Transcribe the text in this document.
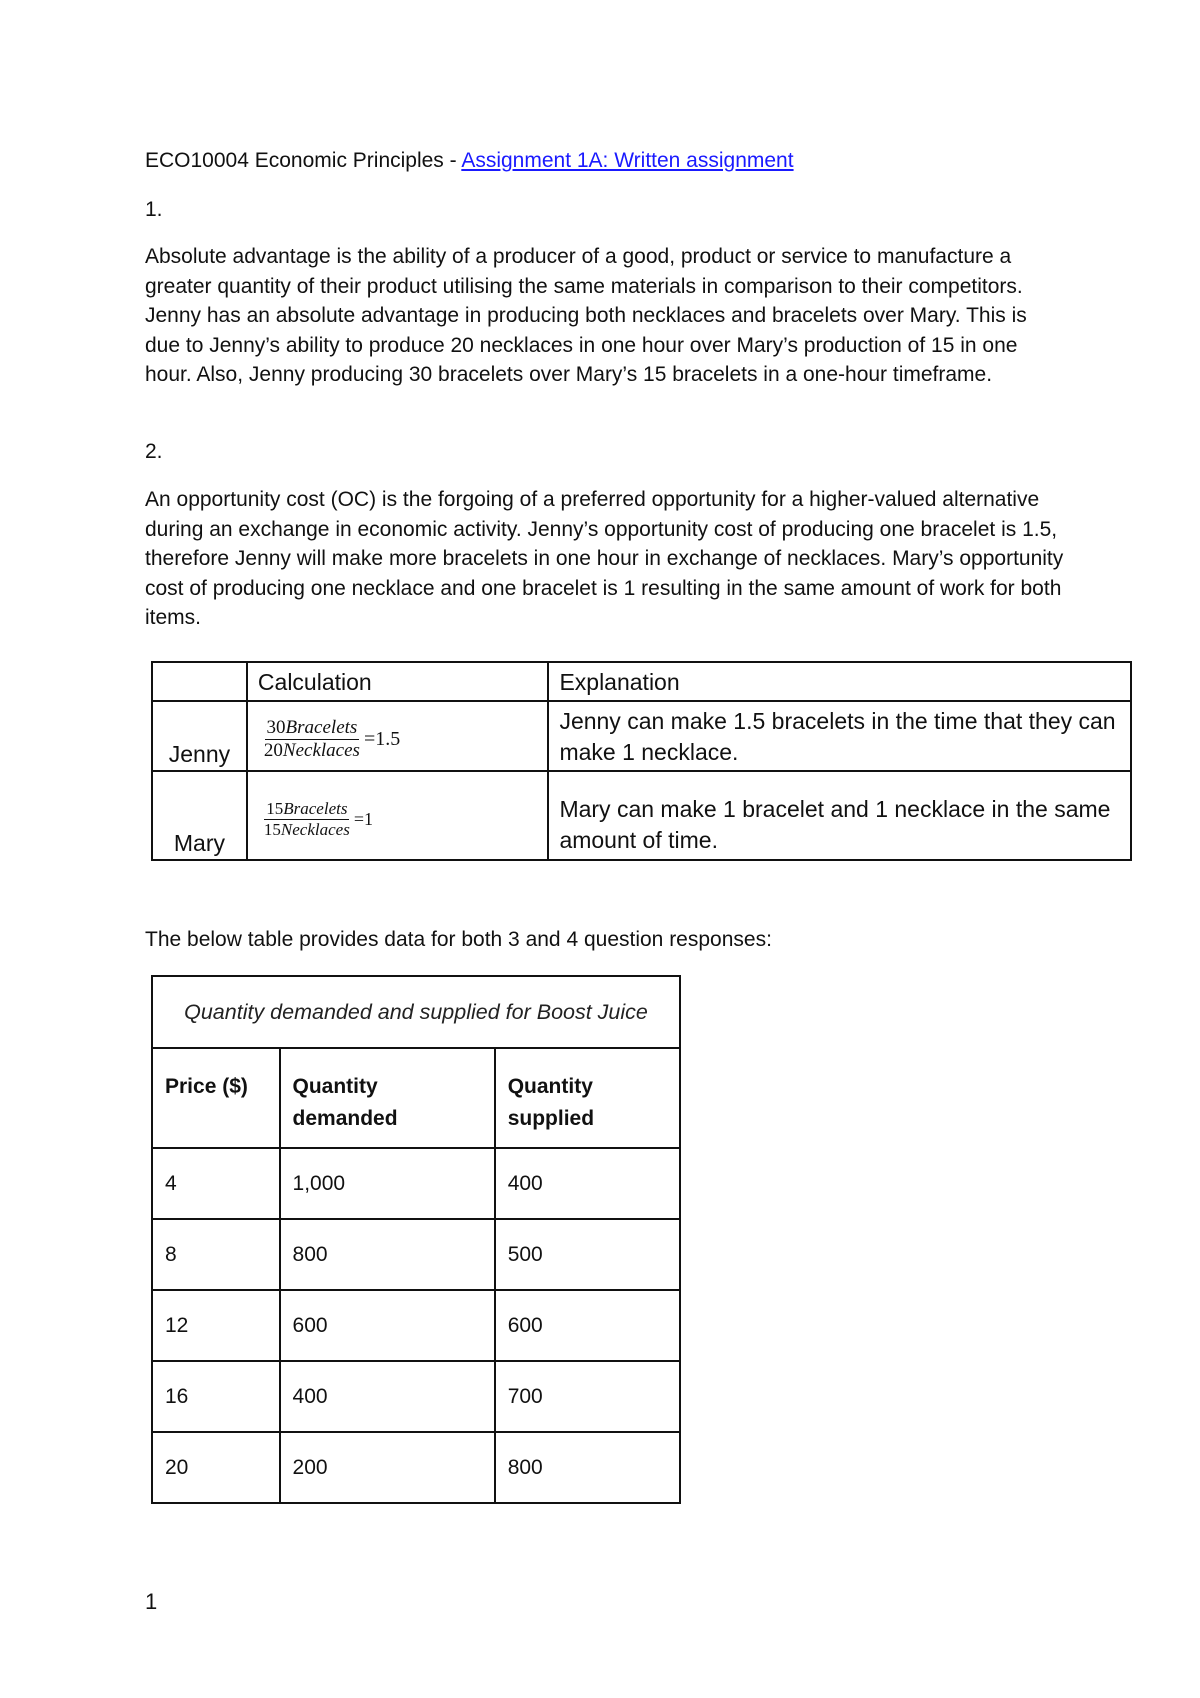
ECO10004 Economic Principles - Assignment 1A: Written assignment
1.
Absolute advantage is the ability of a producer of a good, product or service to manufacture a greater quantity of their product utilising the same materials in comparison to their competitors. Jenny has an absolute advantage in producing both necklaces and bracelets over Mary. This is due to Jenny’s ability to produce 20 necklaces in one hour over Mary’s production of 15 in one hour. Also, Jenny producing 30 bracelets over Mary’s 15 bracelets in a one-hour timeframe.
2.
An opportunity cost (OC) is the forgoing of a preferred opportunity for a higher-valued alternative during an exchange in economic activity. Jenny’s opportunity cost of producing one bracelet is 1.5, therefore Jenny will make more bracelets in one hour in exchange of necklaces. Mary’s opportunity cost of producing one necklace and one bracelet is 1 resulting in the same amount of work for both items.
	Calculation	Explanation
Jenny	$\frac{\text{30Bracelets}}{\text{20Necklaces}} =1.5$	Jenny can make 1.5 bracelets in the time that they can make 1 necklace.
Mary	$\frac{\text{15Bracelets}}{\text{15Necklaces}} =1$	Mary can make 1 bracelet and 1 necklace in the same amount of time.
The below table provides data for both 3 and 4 question responses:
Quantity demanded and supplied for Boost Juice		
Price ($)	Quantity demanded	Quantity supplied
4	1,000	400
8	800	500
12	600	600
16	400	700
20	200	800
1
